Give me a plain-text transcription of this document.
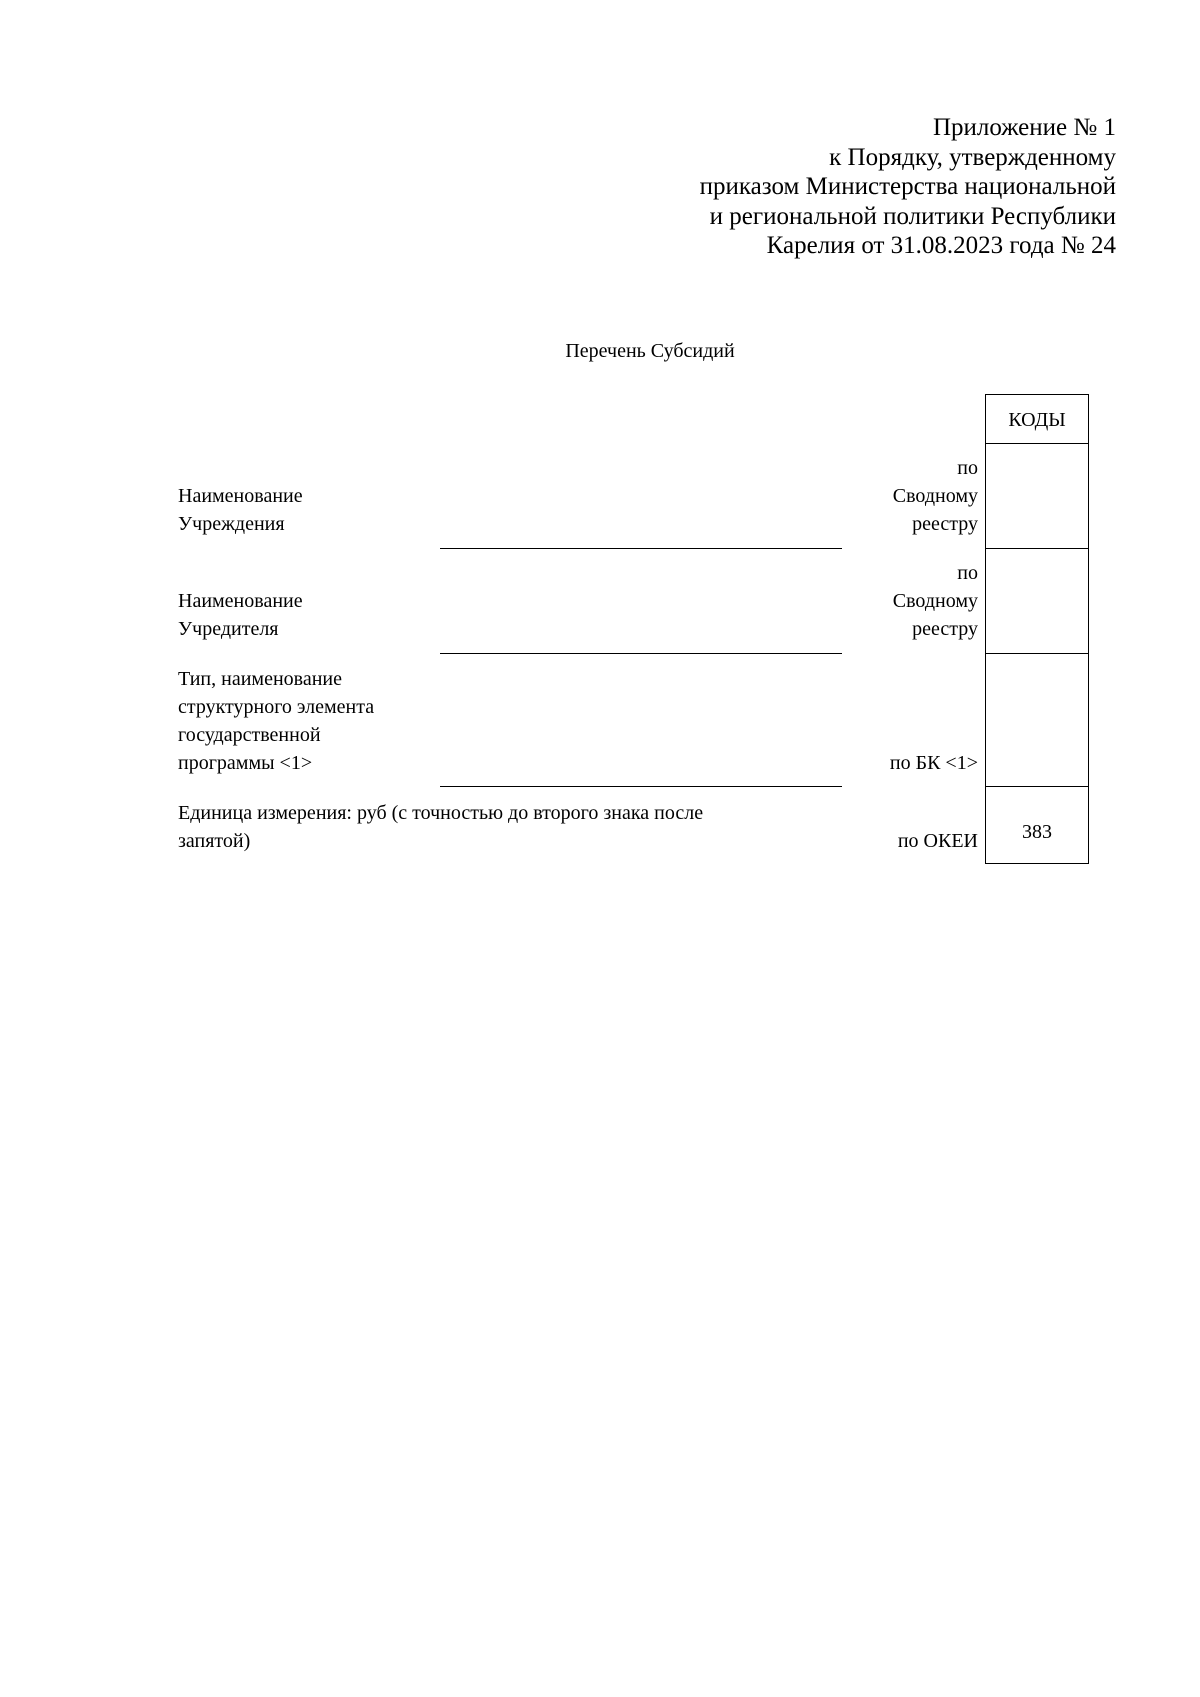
Приложение № 1
к Порядку, утвержденному
приказом Министерства национальной
и региональной политики Республики
Карелия от 31.08.2023 года № 24
Перечень Субсидий
КОДЫ
383
Наименование
Учреждения
по
Сводному
реестру
Наименование
Учредителя
по
Сводному
реестру
Тип, наименование
структурного элемента
государственной
программы <1>	по БК <1>
Единица измерения: руб (с точностью до второго знака после
запятой)	по ОКЕИ
